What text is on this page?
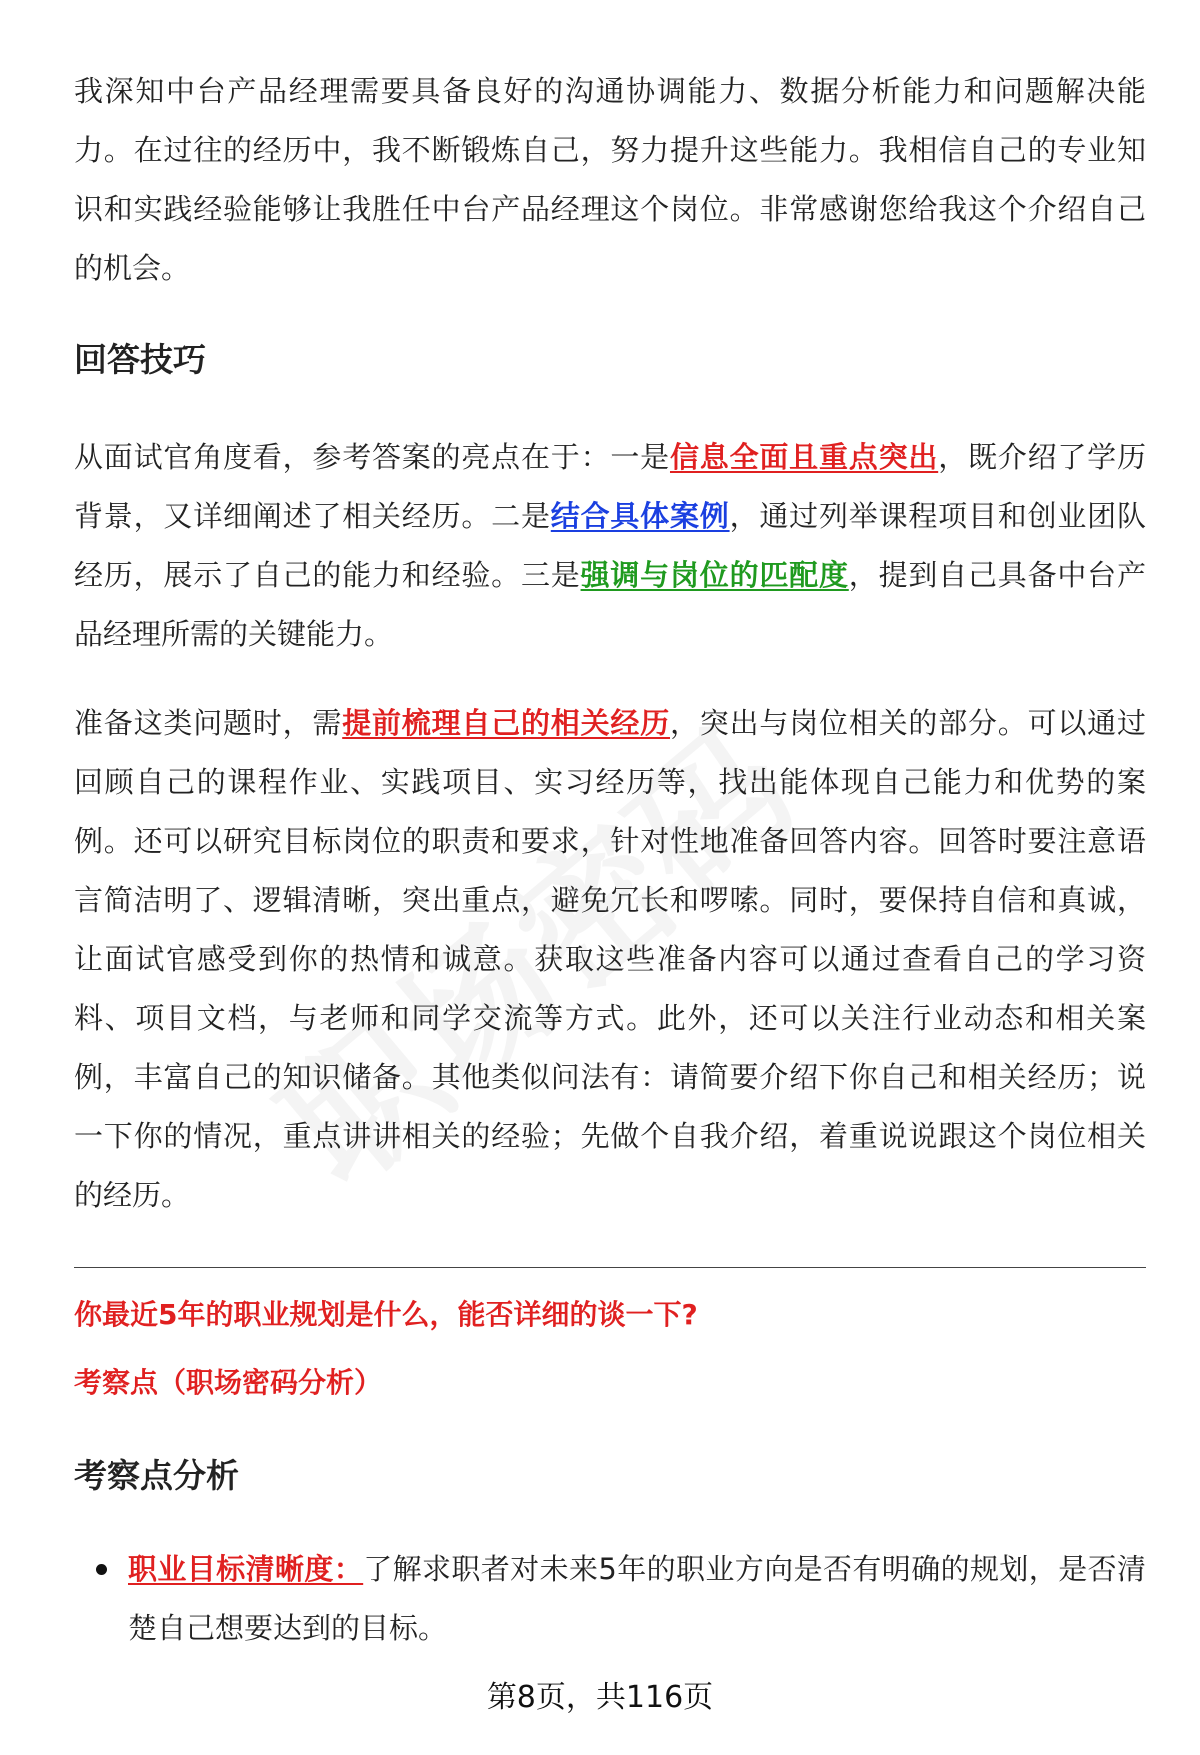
我深知中台产品经理需要具备良好的沟通协调能力、数据分析能力和问题解决能力。在过往的经历中，我不断锻炼自己，努力提升这些能力。我相信自己的专业知识和实践经验能够让我胜任中台产品经理这个岗位。非常感谢您给我这个介绍自己的机会。

回答技巧

从面试官角度看，参考答案的亮点在于：一是信息全面且重点突出，既介绍了学历背景，又详细阐述了相关经历。二是结合具体案例，通过列举课程项目和创业团队经历，展示了自己的能力和经验。三是强调与岗位的匹配度，提到自己具备中台产品经理所需的关键能力。

准备这类问题时，需提前梳理自己的相关经历，突出与岗位相关的部分。可以通过回顾自己的课程作业、实践项目、实习经历等，找出能体现自己能力和优势的案例。还可以研究目标岗位的职责和要求，针对性地准备回答内容。回答时要注意语言简洁明了、逻辑清晰，突出重点，避免冗长和啰嗦。同时，要保持自信和真诚，让面试官感受到你的热情和诚意。获取这些准备内容可以通过查看自己的学习资料、项目文档，与老师和同学交流等方式。此外，还可以关注行业动态和相关案例，丰富自己的知识储备。其他类似问法有：请简要介绍下你自己和相关经历；说一下你的情况，重点讲讲相关的经验；先做个自我介绍，着重说说跟这个岗位相关的经历。

你最近5年的职业规划是什么，能否详细的谈一下?
考察点（职场密码分析）
考察点分析
职业目标清晰度：了解求职者对未来5年的职业方向是否有明确的规划，是否清楚自己想要达到的目标。
第8页，共116页
